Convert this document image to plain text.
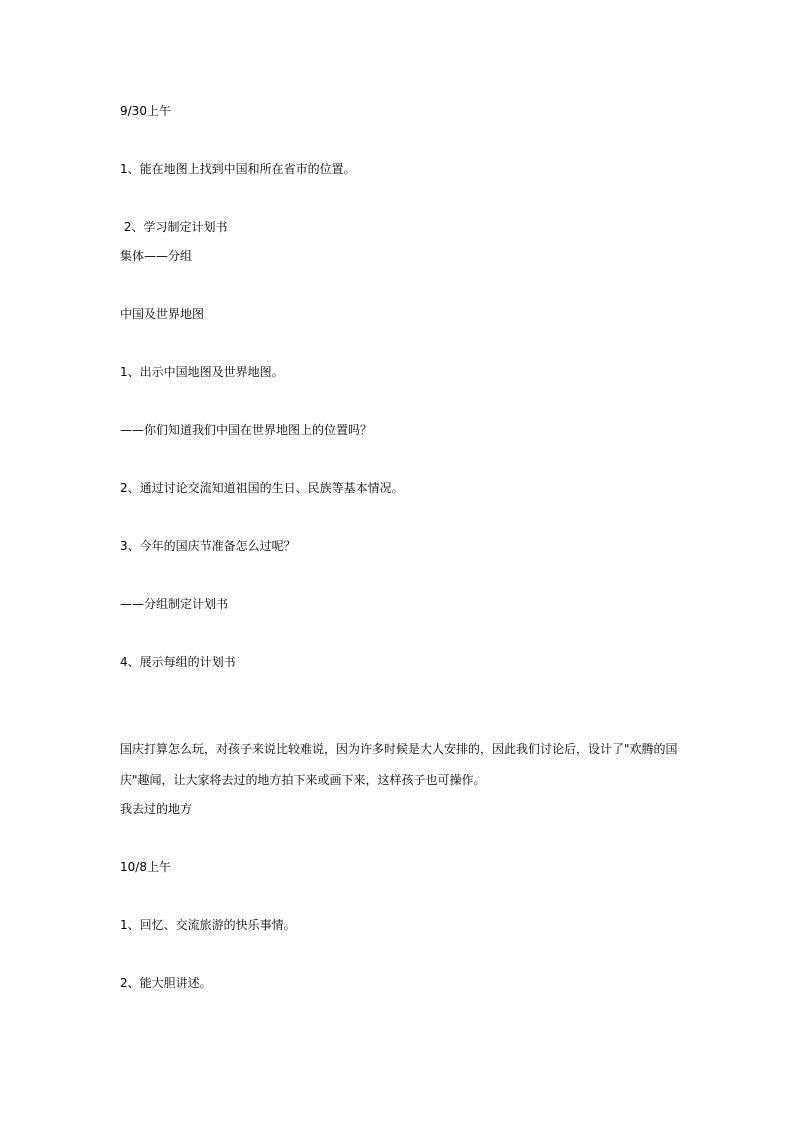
9/30上午

1、能在地图上找到中国和所在省市的位置。

2、学习制定计划书

集体——分组

中国及世界地图

1、出示中国地图及世界地图。

——你们知道我们中国在世界地图上的位置吗？

2、通过讨论交流知道祖国的生日、民族等基本情况。

3、今年的国庆节准备怎么过呢？

——分组制定计划书

4、展示每组的计划书

国庆打算怎么玩，对孩子来说比较难说，因为许多时候是大人安排的，因此我们讨论后，设计了"欢腾的国

庆"趣闻，让大家将去过的地方拍下来或画下来，这样孩子也可操作。

我去过的地方

10/8上午

1、回忆、交流旅游的快乐事情。

2、能大胆讲述。
